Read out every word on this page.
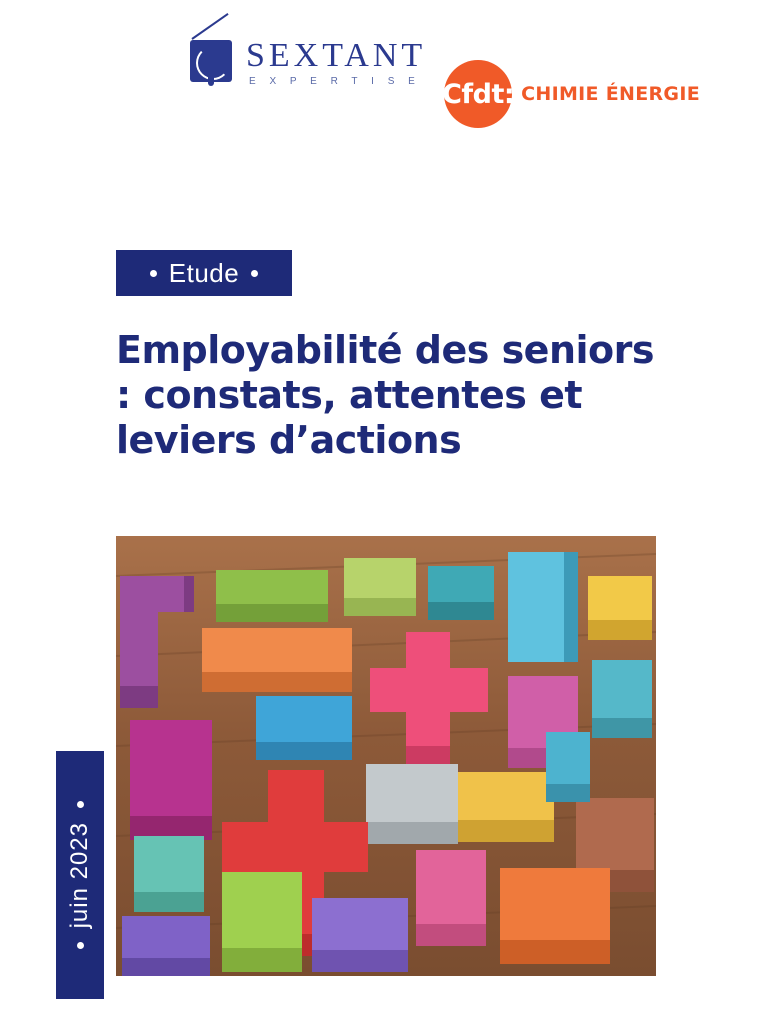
SEXTANT
E X P E R T I S E Cfdt: CHIMIE ÉNERGIE
Etude
Employabilité des seniors : constats, attentes et leviers d’actions
juin 2023
